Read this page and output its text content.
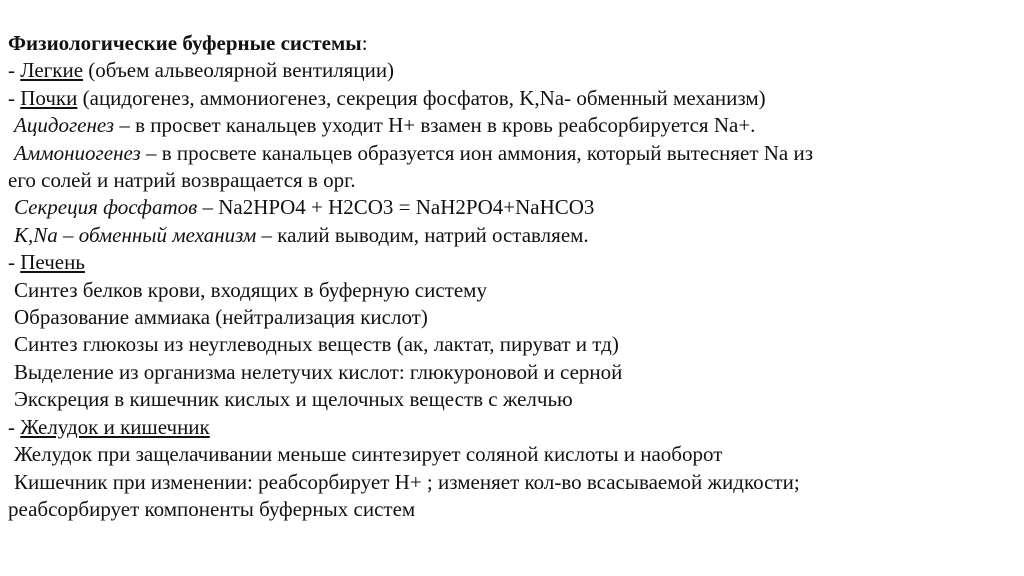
Физиологические буферные системы:
- Легкие (объем альвеолярной вентиляции)
- Почки (ацидогенез, аммониогенез, секреция фосфатов, K,Na- обменный механизм)
Ацидогенез – в просвет канальцев уходит H+ взамен в кровь реабсорбируется Na+.
Аммониогенез – в просвете канальцев образуется ион аммония, который вытесняет Na из
его солей и натрий возвращается в орг.
Секреция фосфатов – Na2HPO4 + H2CO3 = NaH2PO4+NaHCO3
K,Na – обменный механизм – калий выводим, натрий оставляем.
- Печень
Синтез белков крови, входящих в буферную систему
Образование аммиака (нейтрализация кислот)
Синтез глюкозы из неуглеводных веществ (ак, лактат, пируват и тд)
Выделение из организма нелетучих кислот: глюкуроновой и серной
Экскреция в кишечник кислых и щелочных веществ с желчью
- Желудок и кишечник
Желудок при защелачивании меньше синтезирует соляной кислоты и наоборот
Кишечник при изменении: реабсорбирует H+ ; изменяет кол-во всасываемой жидкости;
реабсорбирует компоненты буферных систем
